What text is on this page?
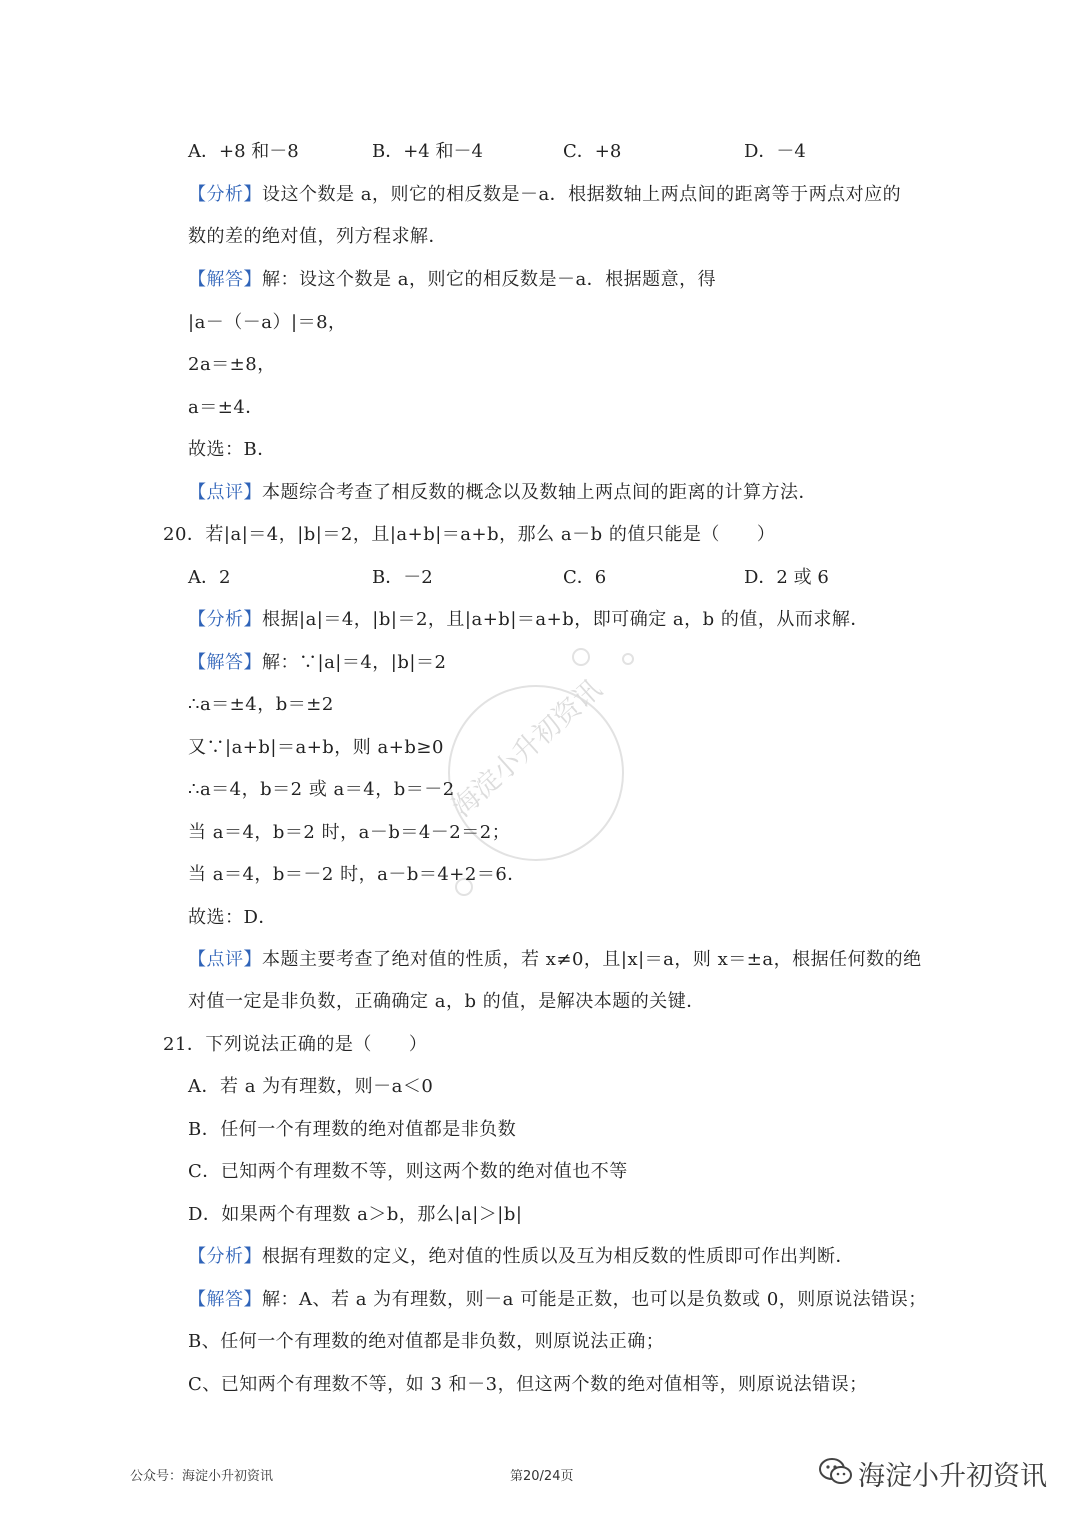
海淀小升初资讯
A．+8 和－8	B．+4 和－4	C．+8	D．－4
【分析】设这个数是 a，则它的相反数是－a．根据数轴上两点间的距离等于两点对应的
数的差的绝对值，列方程求解．
【解答】解：设这个数是 a，则它的相反数是－a．根据题意，得
|a－（－a）|＝8，
2a＝±8，
a＝±4．
故选：B．
【点评】本题综合考查了相反数的概念以及数轴上两点间的距离的计算方法．
20．若|a|＝4，|b|＝2，且|a+b|＝a+b，那么 a－b 的值只能是（　　）
A．2	B．－2	C．6	D．2 或 6
【分析】根据|a|＝4，|b|＝2，且|a+b|＝a+b，即可确定 a，b 的值，从而求解．
【解答】解：∵|a|＝4，|b|＝2
∴a＝±4，b＝±2
又∵|a+b|＝a+b，则 a+b≥0
∴a＝4，b＝2 或 a＝4，b＝－2
当 a＝4，b＝2 时，a－b＝4－2＝2；
当 a＝4，b＝－2 时，a－b＝4+2＝6．
故选：D．
【点评】本题主要考查了绝对值的性质，若 x≠0，且|x|＝a，则 x＝±a，根据任何数的绝
对值一定是非负数，正确确定 a，b 的值，是解决本题的关键．
21．下列说法正确的是（　　）
A．若 a 为有理数，则－a＜0
B．任何一个有理数的绝对值都是非负数
C．已知两个有理数不等，则这两个数的绝对值也不等
D．如果两个有理数 a＞b，那么|a|＞|b|
【分析】根据有理数的定义，绝对值的性质以及互为相反数的性质即可作出判断．
【解答】解：A、若 a 为有理数，则－a 可能是正数，也可以是负数或 0，则原说法错误；
B、任何一个有理数的绝对值都是非负数，则原说法正确；
C、已知两个有理数不等，如 3 和－3，但这两个数的绝对值相等，则原说法错误；
公众号：海淀小升初资讯	第20/24页	海淀小升初资讯
